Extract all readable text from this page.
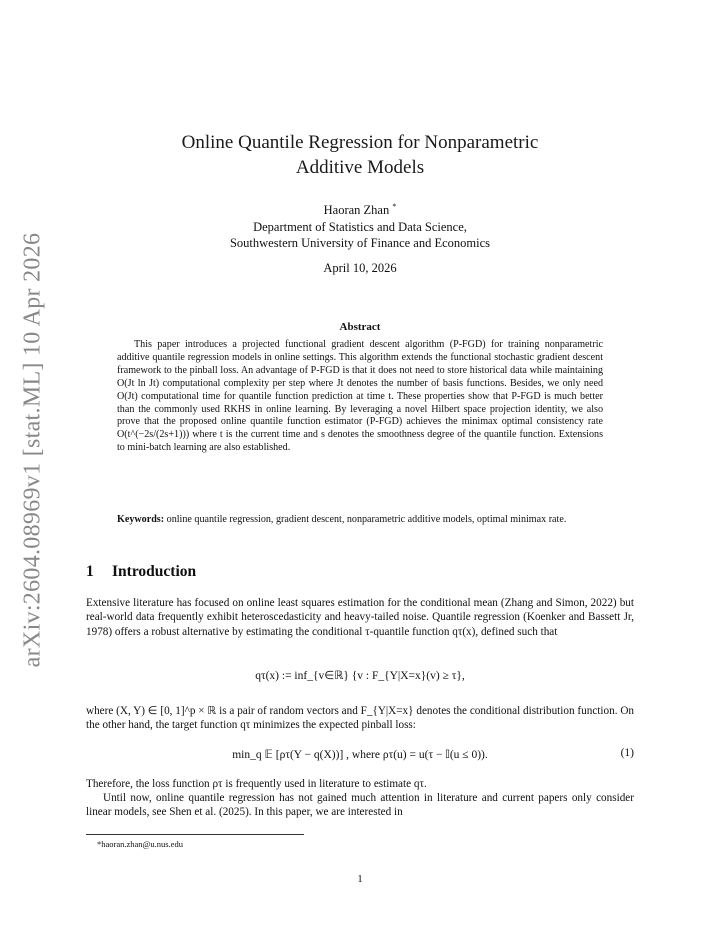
arXiv:2604.08969v1 [stat.ML] 10 Apr 2026
Online Quantile Regression for Nonparametric
Additive Models
Haoran Zhan *
Department of Statistics and Data Science,
Southwestern University of Finance and Economics
April 10, 2026
Abstract
This paper introduces a projected functional gradient descent algorithm (P-FGD) for training nonparametric additive quantile regression models in online settings. This algorithm extends the functional stochastic gradient descent framework to the pinball loss. An advantage of P-FGD is that it does not need to store historical data while maintaining O(Jt ln Jt) computational complexity per step where Jt denotes the number of basis functions. Besides, we only need O(Jt) computational time for quantile function prediction at time t. These properties show that P-FGD is much better than the commonly used RKHS in online learning. By leveraging a novel Hilbert space projection identity, we also prove that the proposed online quantile function estimator (P-FGD) achieves the minimax optimal consistency rate O(t^(−2s/(2s+1))) where t is the current time and s denotes the smoothness degree of the quantile function. Extensions to mini-batch learning are also established.
Keywords: online quantile regression, gradient descent, nonparametric additive models, optimal minimax rate.
1 Introduction
Extensive literature has focused on online least squares estimation for the conditional mean (Zhang and Simon, 2022) but real-world data frequently exhibit heteroscedasticity and heavy-tailed noise. Quantile regression (Koenker and Bassett Jr, 1978) offers a robust alternative by estimating the conditional τ-quantile function qτ(x), defined such that
qτ(x) := inf_{v∈ℝ} {v : F_{Y|X=x}(v) ≥ τ},
where (X, Y) ∈ [0, 1]^p × ℝ is a pair of random vectors and F_{Y|X=x} denotes the conditional distribution function. On the other hand, the target function qτ minimizes the expected pinball loss:
min_q 𝔼 [ρτ(Y − q(X))] , where ρτ(u) = u(τ − 𝕀(u ≤ 0)).	(1)
Therefore, the loss function ρτ is frequently used in literature to estimate qτ.
Until now, online quantile regression has not gained much attention in literature and current papers only consider linear models, see Shen et al. (2025). In this paper, we are interested in
*haoran.zhan@u.nus.edu
1
